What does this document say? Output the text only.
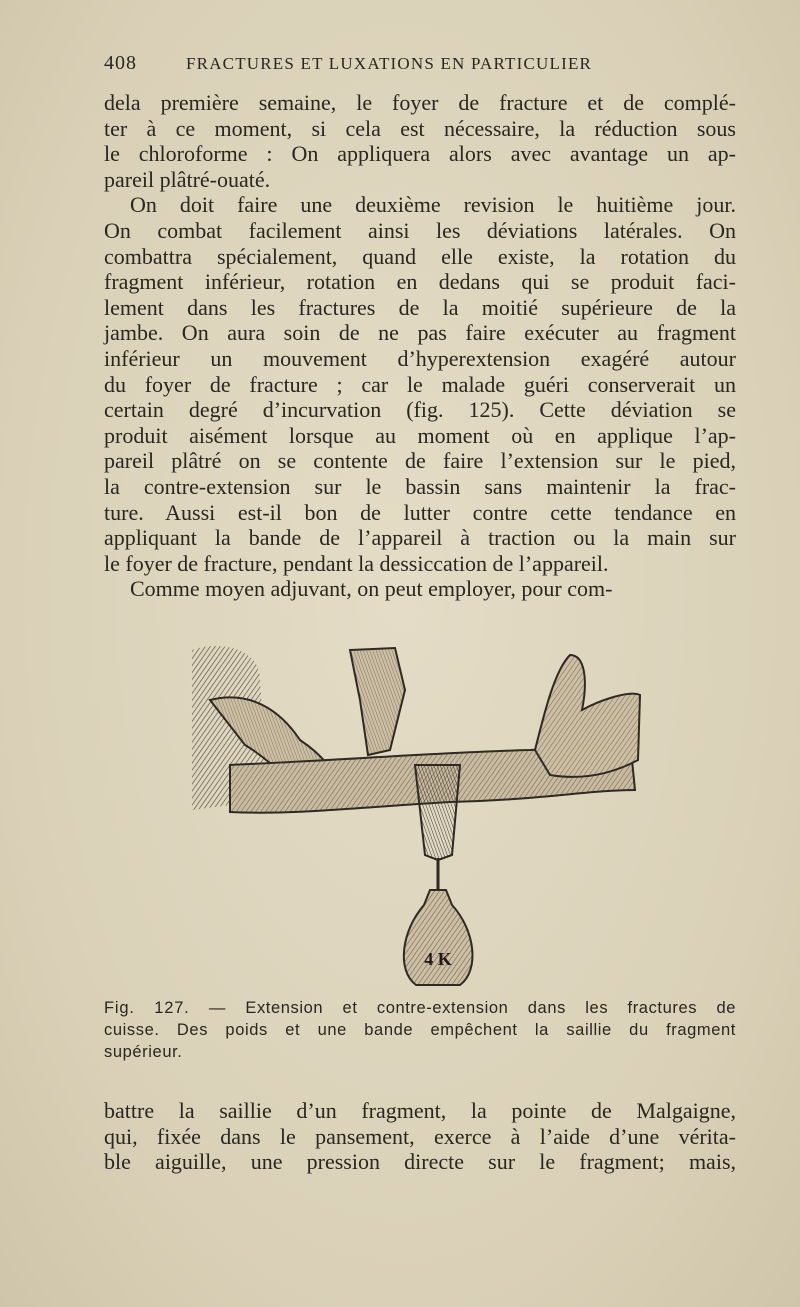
408	FRACTURES ET LUXATIONS EN PARTICULIER

dela première semaine, le foyer de fracture et de complé-
ter à ce moment, si cela est nécessaire, la réduction sous
le chloroforme : On appliquera alors avec avantage un ap-
pareil plâtré-ouaté.

On doit faire une deuxième revision le huitième jour.
On combat facilement ainsi les déviations latérales. On
combattra spécialement, quand elle existe, la rotation du
fragment inférieur, rotation en dedans qui se produit faci-
lement dans les fractures de la moitié supérieure de la
jambe. On aura soin de ne pas faire exécuter au fragment
inférieur un mouvement d’hyperextension exagéré autour
du foyer de fracture ; car le malade guéri conserverait un
certain degré d’incurvation (fig. 125). Cette déviation se
produit aisément lorsque au moment où en applique l’ap-
pareil plâtré on se contente de faire l’extension sur le pied,
la contre-extension sur le bassin sans maintenir la frac-
ture. Aussi est-il bon de lutter contre cette tendance en
appliquant la bande de l’appareil à traction ou la main sur
le foyer de fracture, pendant la dessiccation de l’appareil.

Comme moyen adjuvant, on peut employer, pour com-

4 K
Fig. 127. — Extension et contre-extension dans les fractures de
cuisse. Des poids et une bande empêchent la saillie du fragment
supérieur.
battre la saillie d’un fragment, la pointe de Malgaigne,
qui, fixée dans le pansement, exerce à l’aide d’une vérita-
ble aiguille, une pression directe sur le fragment; mais,
